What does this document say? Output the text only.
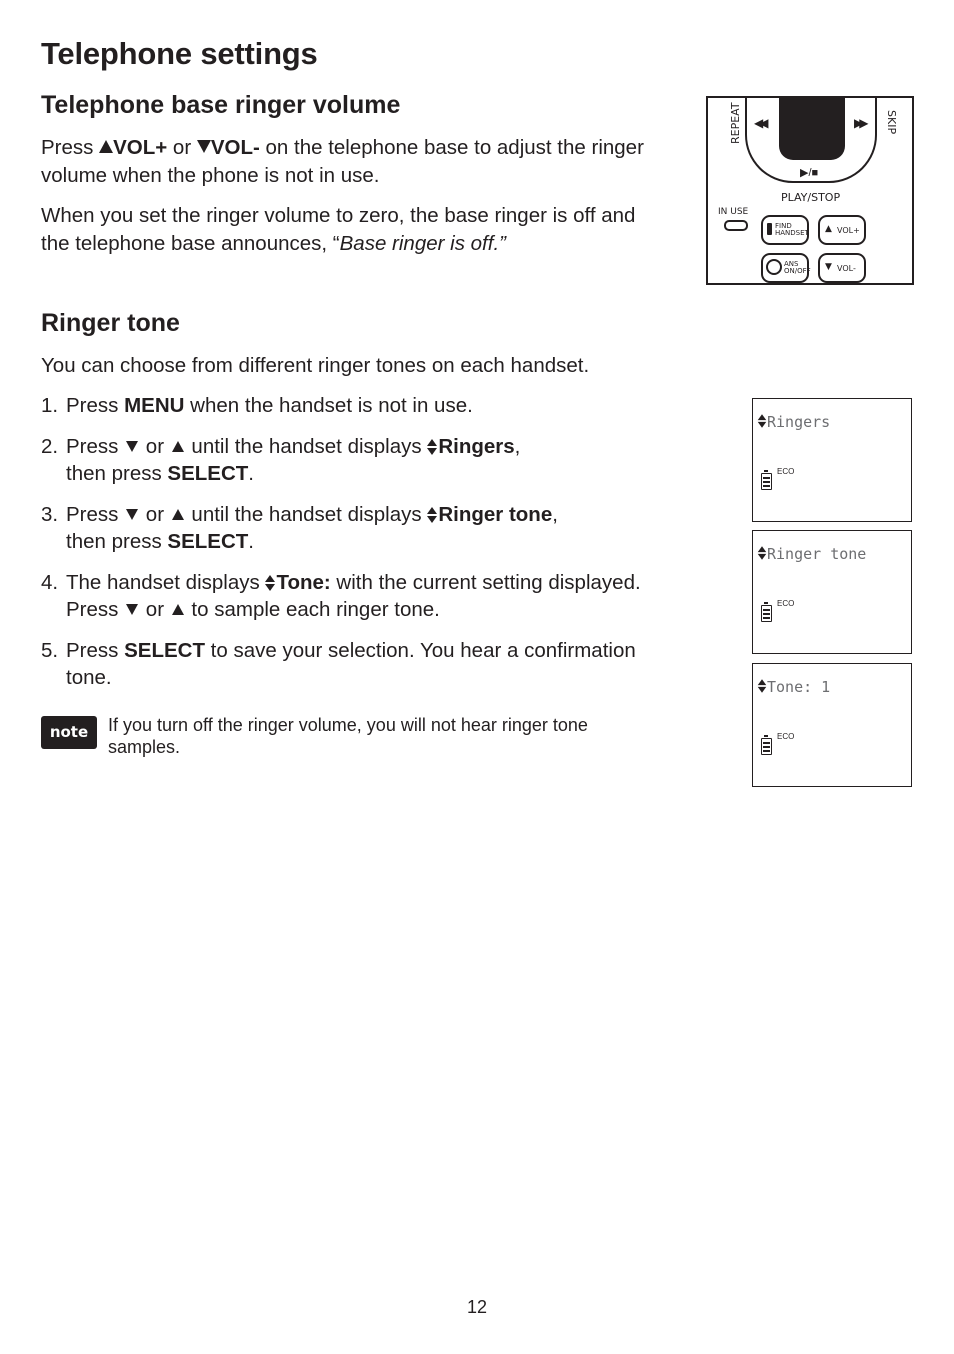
Telephone settings
Telephone base ringer volume

Press VOL+ or VOL- on the telephone base to adjust the ringer volume when the phone is not in use.

When you set the ringer volume to zero, the base ringer is off and the telephone base announces, “Base ringer is off.”

REPEAT	SKIP
◀◀	▶▶
▶/■
PLAY/STOP
IN USE
FIND HANDSET ▲ VOL+
ANS ON/OFF ▼ VOL-
Ringer tone

You can choose from different ringer tones on each handset.

1. Press MENU when the handset is not in use.
2. Press  or  until the handset displays Ringers,
then press SELECT.
3. Press  or  until the handset displays Ringer tone,
then press SELECT.
4. The handset displays Tone: with the current setting displayed. Press  or  to sample each ringer tone.
5. Press SELECT to save your selection. You hear a confirmation tone.
note	If you turn off the ringer volume, you will not hear ringer tone samples.
Ringers
ECO
Ringer tone
ECO
Tone: 1
ECO
12
